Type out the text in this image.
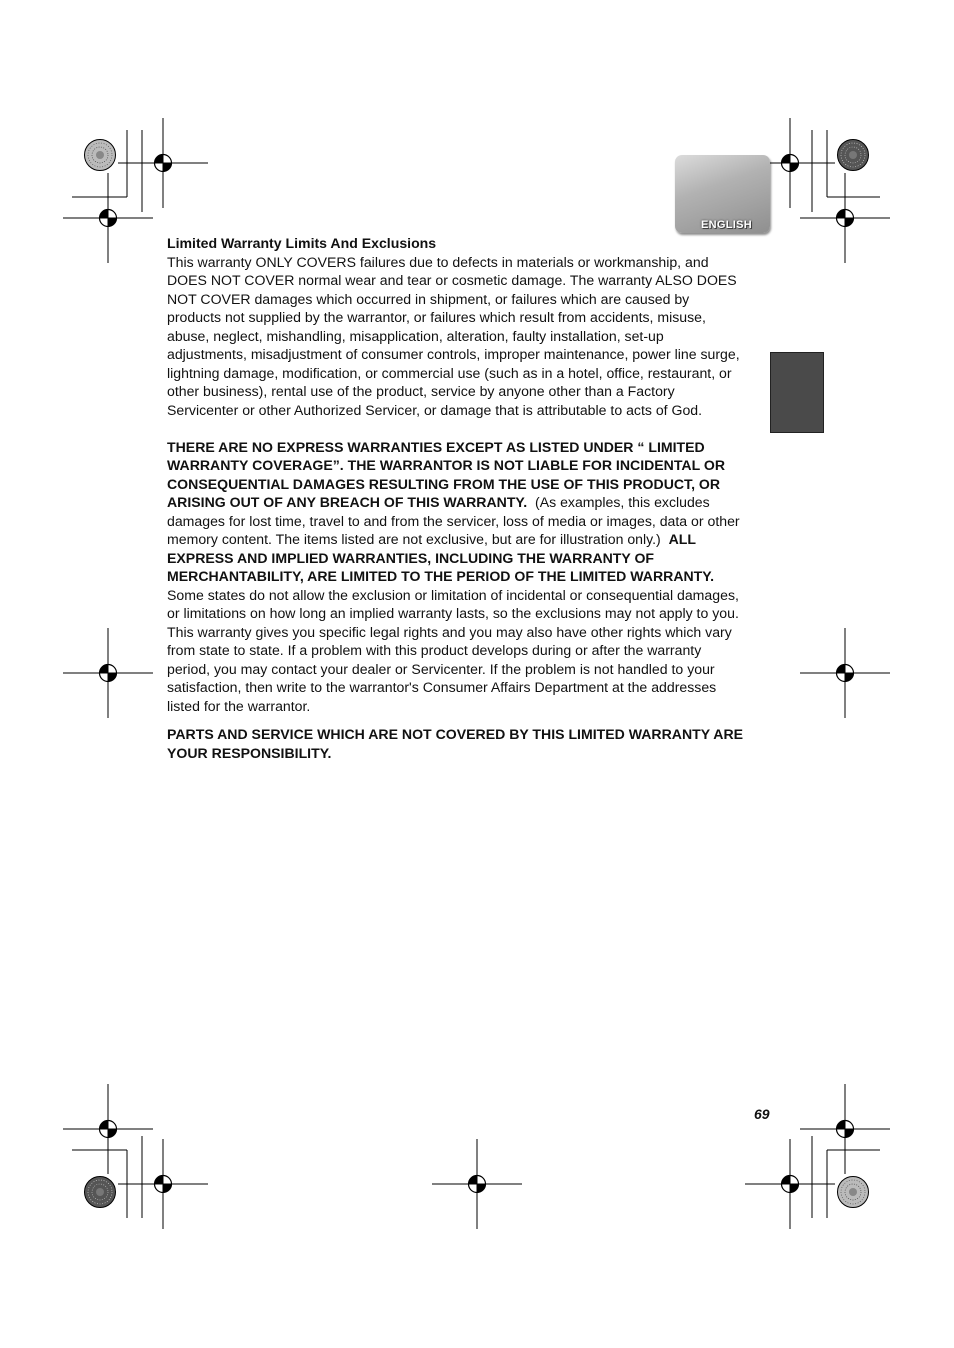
ENGLISH

Limited Warranty Limits And Exclusions

This warranty ONLY COVERS failures due to defects in materials or workmanship, and DOES NOT COVER normal wear and tear or cosmetic damage. The warranty ALSO DOES NOT COVER damages which occurred in shipment, or failures which are caused by products not supplied by the warrantor, or failures which result from accidents, misuse, abuse, neglect, mishandling, misapplication, alteration, faulty installation, set-up adjustments, misadjustment of consumer controls, improper maintenance, power line surge, lightning damage, modification, or commercial use (such as in a hotel, office, restaurant, or other business), rental use of the product, service by anyone other than a Factory Servicenter or other Authorized Servicer, or damage that is attributable to acts of God.

THERE ARE NO EXPRESS WARRANTIES EXCEPT AS LISTED UNDER “ LIMITED WARRANTY COVERAGE”. THE WARRANTOR IS NOT LIABLE FOR INCIDENTAL OR CONSEQUENTIAL DAMAGES RESULTING FROM THE USE OF THIS PRODUCT, OR ARISING OUT OF ANY BREACH OF THIS WARRANTY.  (As examples, this excludes damages for lost time, travel to and from the servicer, loss of media or images, data or other memory content. The items listed are not exclusive, but are for illustration only.)  ALL EXPRESS AND IMPLIED WARRANTIES, INCLUDING THE WARRANTY OF MERCHANTABILITY, ARE LIMITED TO THE PERIOD OF THE LIMITED WARRANTY.

Some states do not allow the exclusion or limitation of incidental or consequential damages, or limitations on how long an implied warranty lasts, so the exclusions may not apply to you.

This warranty gives you specific legal rights and you may also have other rights which vary from state to state. If a problem with this product develops during or after the warranty period, you may contact your dealer or Servicenter. If the problem is not handled to your satisfaction, then write to the warrantor's Consumer Affairs Department at the addresses listed for the warrantor.

PARTS AND SERVICE WHICH ARE NOT COVERED BY THIS LIMITED WARRANTY ARE YOUR RESPONSIBILITY.

69
